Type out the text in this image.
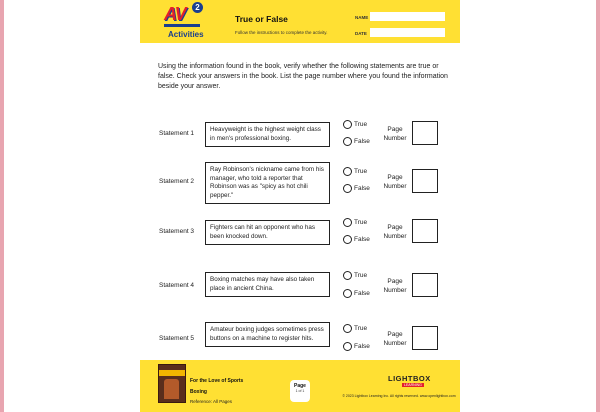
AV	2
Activities
True or False
Follow the instructions to complete the activity.
NAME
DATE
Using the information found in the book, verify whether the following statements are true or false. Check your answers in the book. List the page number where you found the information beside your answer.
Statement 1
Heavyweight is the highest weight class in men's professional boxing.
True
False
Page Number
Statement 2
Ray Robinson's nickname came from his manager, who told a reporter that Robinson was as "spicy as hot chili pepper."
True
False
Page Number
Statement 3
Fighters can hit an opponent who has been knocked down.
True
False
Page Number
Statement 4
Boxing matches may have also taken place in ancient China.
True
False
Page Number
Statement 5
Amateur boxing judges sometimes press buttons on a machine to register hits.
True
False
Page Number
For the Love of Sports
Boxing
Reference: All Pages
Page
1 of 1
LIGHTBOX
LEARNING
© 2023 Lightbox Learning Inc. All rights reserved. www.openlightbox.com
